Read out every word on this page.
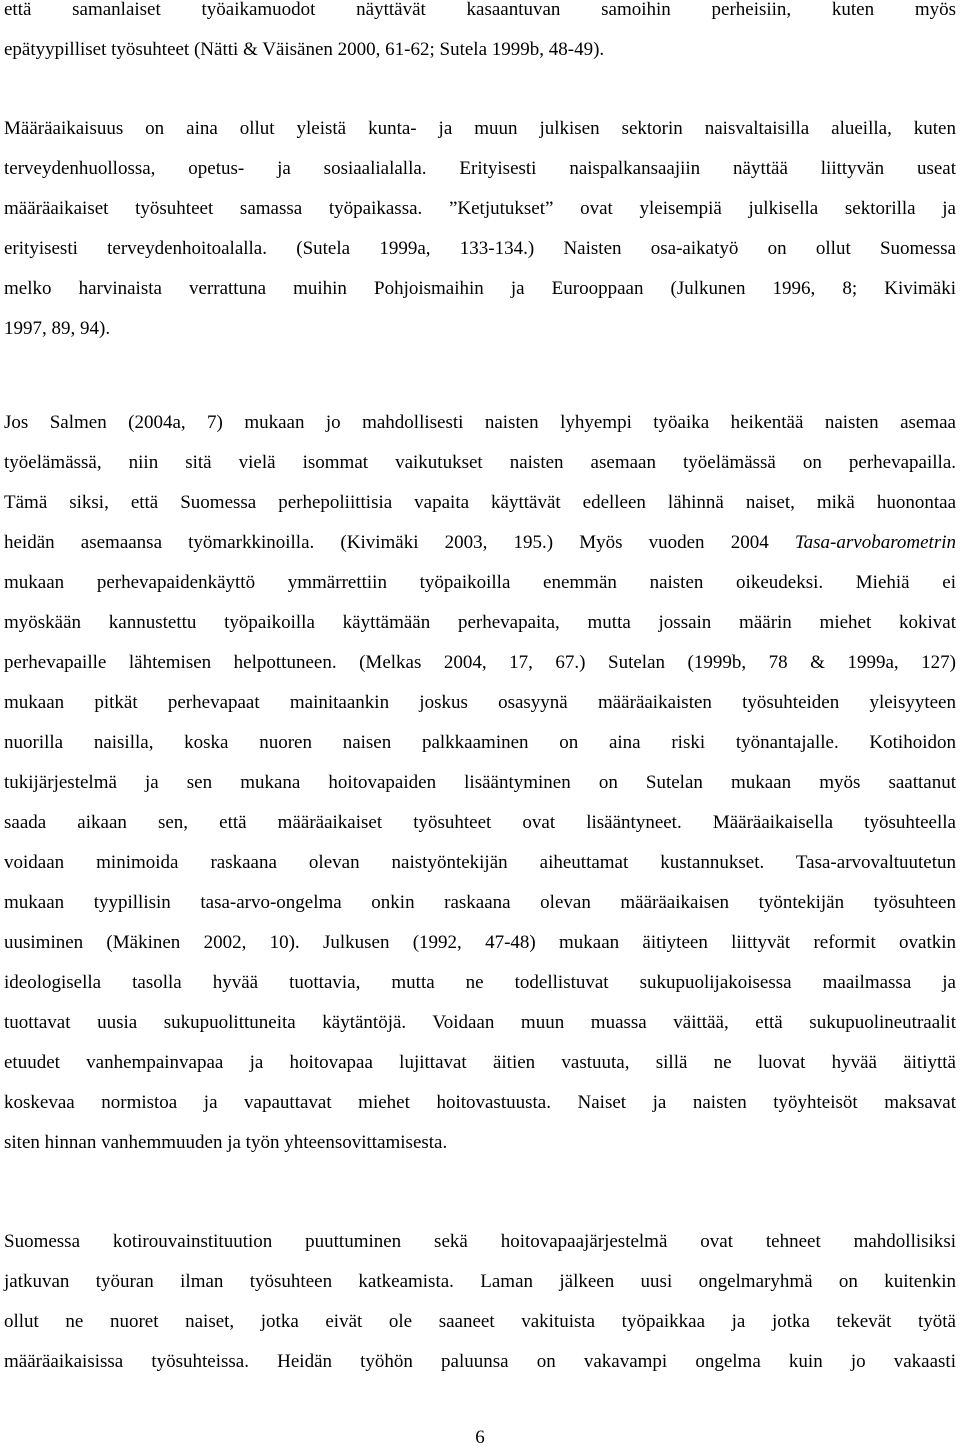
että samanlaiset työaikamuodot näyttävät kasaantuvan samoihin perheisiin, kuten myös
epätyypilliset työsuhteet (Nätti & Väisänen 2000, 61-62; Sutela 1999b, 48-49).
Määräaikaisuus on aina ollut yleistä kunta- ja muun julkisen sektorin naisvaltaisilla alueilla, kuten
terveydenhuollossa, opetus- ja sosiaalialalla. Erityisesti naispalkansaajiin näyttää liittyvän useat
määräaikaiset työsuhteet samassa työpaikassa. ”Ketjutukset” ovat yleisempiä julkisella sektorilla ja
erityisesti terveydenhoitoalalla. (Sutela 1999a, 133-134.) Naisten osa-aikatyö on ollut Suomessa
melko harvinaista verrattuna muihin Pohjoismaihin ja Eurooppaan (Julkunen 1996, 8; Kivimäki
1997, 89, 94).
Jos Salmen (2004a, 7) mukaan jo mahdollisesti naisten lyhyempi työaika heikentää naisten asemaa
työelämässä, niin sitä vielä isommat vaikutukset naisten asemaan työelämässä on perhevapailla.
Tämä siksi, että Suomessa perhepoliittisia vapaita käyttävät edelleen lähinnä naiset, mikä huonontaa
heidän asemaansa työmarkkinoilla. (Kivimäki 2003, 195.) Myös vuoden 2004 Tasa-arvobarometrin
mukaan perhevapaidenkäyttö ymmärrettiin työpaikoilla enemmän naisten oikeudeksi. Miehiä ei
myöskään kannustettu työpaikoilla käyttämään perhevapaita, mutta jossain määrin miehet kokivat
perhevapaille lähtemisen helpottuneen. (Melkas 2004, 17, 67.) Sutelan (1999b, 78 & 1999a, 127)
mukaan pitkät perhevapaat mainitaankin joskus osasyynä määräaikaisten työsuhteiden yleisyyteen
nuorilla naisilla, koska nuoren naisen palkkaaminen on aina riski työnantajalle. Kotihoidon
tukijärjestelmä ja sen mukana hoitovapaiden lisääntyminen on Sutelan mukaan myös saattanut
saada aikaan sen, että määräaikaiset työsuhteet ovat lisääntyneet. Määräaikaisella työsuhteella
voidaan minimoida raskaana olevan naistyöntekijän aiheuttamat kustannukset. Tasa-arvovaltuutetun
mukaan tyypillisin tasa-arvo-ongelma onkin raskaana olevan määräaikaisen työntekijän työsuhteen
uusiminen (Mäkinen 2002, 10). Julkusen (1992, 47-48) mukaan äitiyteen liittyvät reformit ovatkin
ideologisella tasolla hyvää tuottavia, mutta ne todellistuvat sukupuolijakoisessa maailmassa ja
tuottavat uusia sukupuolittuneita käytäntöjä. Voidaan muun muassa väittää, että sukupuolineutraalit
etuudet vanhempainvapaa ja hoitovapaa lujittavat äitien vastuuta, sillä ne luovat hyvää äitiyttä
koskevaa normistoa ja vapauttavat miehet hoitovastuusta. Naiset ja naisten työyhteisöt maksavat
siten hinnan vanhemmuuden ja työn yhteensovittamisesta.
Suomessa kotirouvainstituution puuttuminen sekä hoitovapaajärjestelmä ovat tehneet mahdollisiksi
jatkuvan työuran ilman työsuhteen katkeamista. Laman jälkeen uusi ongelmaryhmä on kuitenkin
ollut ne nuoret naiset, jotka eivät ole saaneet vakituista työpaikkaa ja jotka tekevät työtä
määräaikaisissa työsuhteissa. Heidän työhön paluunsa on vakavampi ongelma kuin jo vakaasti
6
